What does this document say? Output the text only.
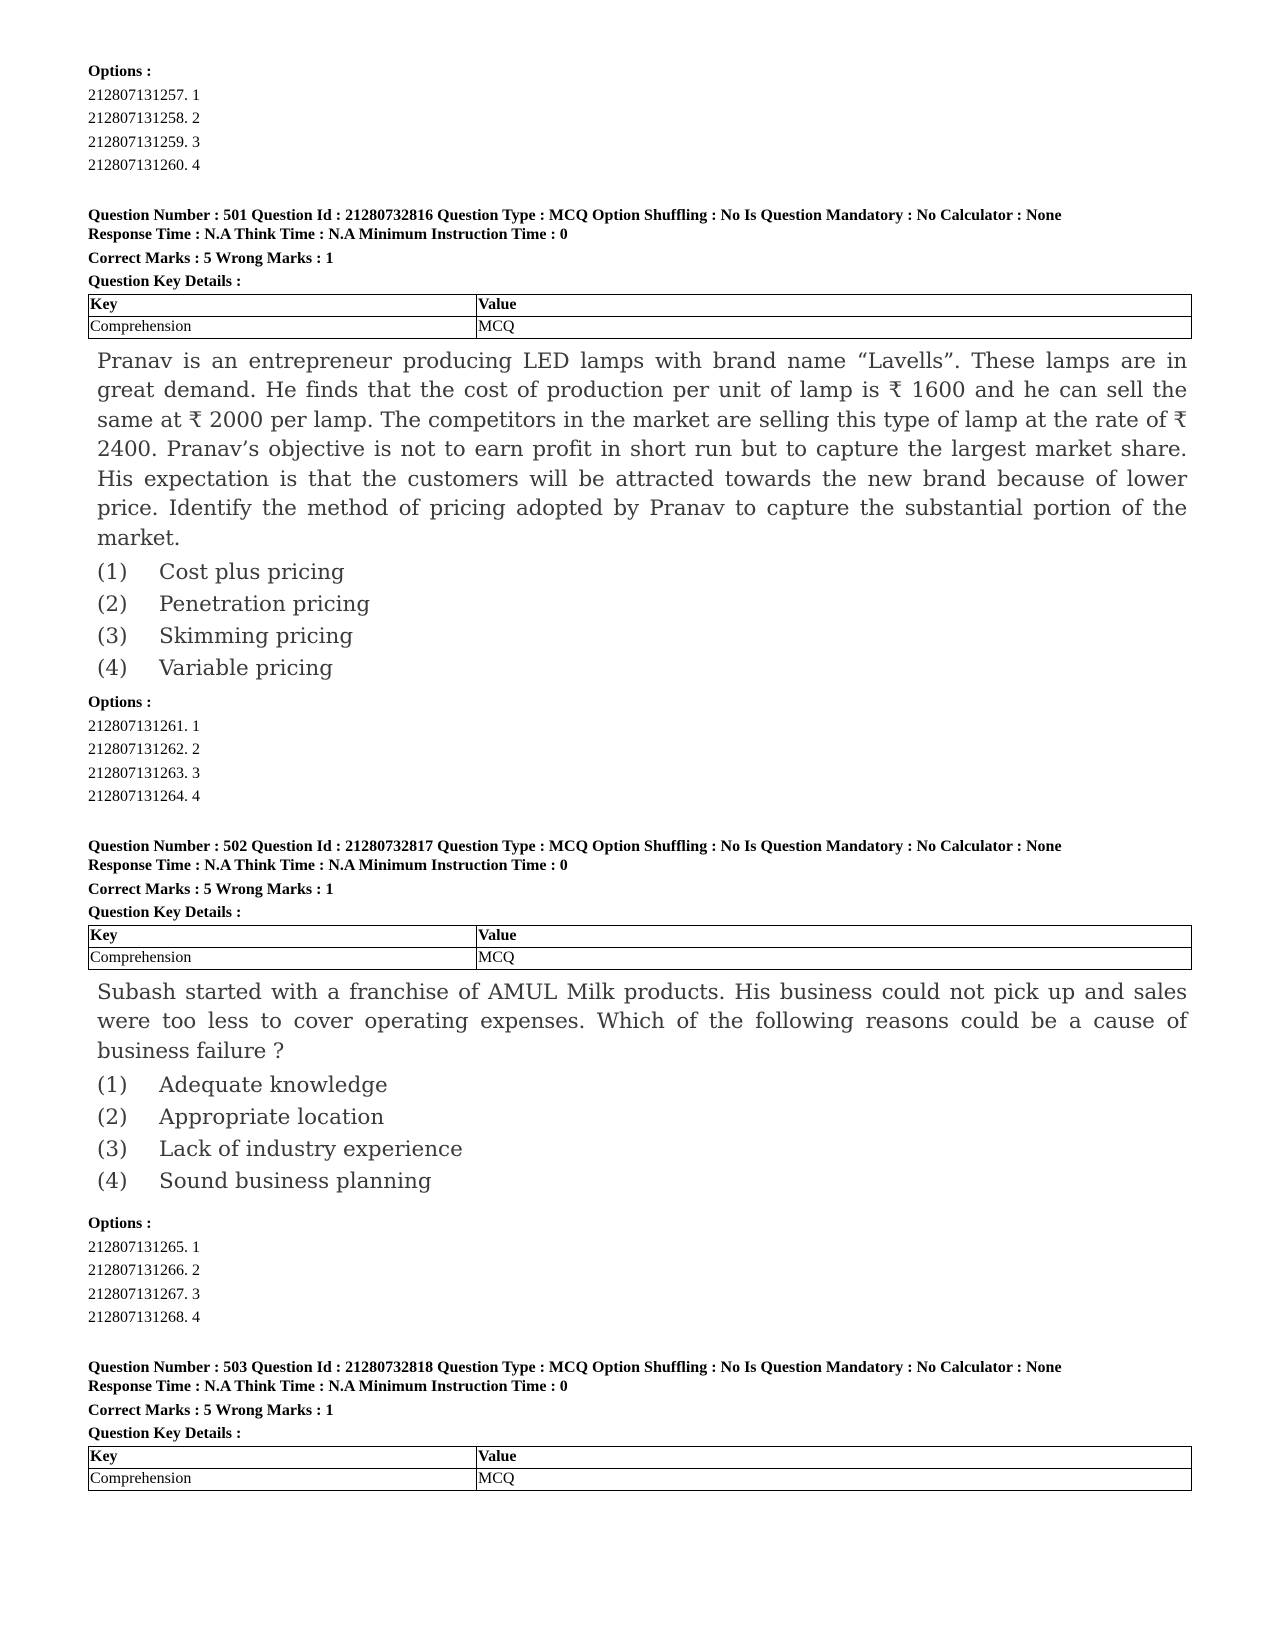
Options :
212807131257. 1
212807131258. 2
212807131259. 3
212807131260. 4
Question Number : 501 Question Id : 21280732816 Question Type : MCQ Option Shuffling : No Is Question Mandatory : No Calculator : None
Response Time : N.A Think Time : N.A Minimum Instruction Time : 0
Correct Marks : 5 Wrong Marks : 1
Question Key Details :
Key	Value
Comprehension	MCQ
Pranav is an entrepreneur producing LED lamps with brand name “Lavells”. These lamps are in great demand. He finds that the cost of production per unit of lamp is ₹ 1600 and he can sell the same at ₹ 2000 per lamp. The competitors in the market are selling this type of lamp at the rate of ₹ 2400. Pranav’s objective is not to earn profit in short run but to capture the largest market share. His expectation is that the customers will be attracted towards the new brand because of lower price. Identify the method of pricing adopted by Pranav to capture the substantial portion of the market.
(1)	Cost plus pricing
(2)	Penetration pricing
(3)	Skimming pricing
(4)	Variable pricing
Options :
212807131261. 1
212807131262. 2
212807131263. 3
212807131264. 4
Question Number : 502 Question Id : 21280732817 Question Type : MCQ Option Shuffling : No Is Question Mandatory : No Calculator : None
Response Time : N.A Think Time : N.A Minimum Instruction Time : 0
Correct Marks : 5 Wrong Marks : 1
Question Key Details :
Key	Value
Comprehension	MCQ
Subash started with a franchise of AMUL Milk products. His business could not pick up and sales were too less to cover operating expenses. Which of the following reasons could be a cause of business failure ?
(1)	Adequate knowledge
(2)	Appropriate location
(3)	Lack of industry experience
(4)	Sound business planning
Options :
212807131265. 1
212807131266. 2
212807131267. 3
212807131268. 4
Question Number : 503 Question Id : 21280732818 Question Type : MCQ Option Shuffling : No Is Question Mandatory : No Calculator : None
Response Time : N.A Think Time : N.A Minimum Instruction Time : 0
Correct Marks : 5 Wrong Marks : 1
Question Key Details :
Key	Value
Comprehension	MCQ
